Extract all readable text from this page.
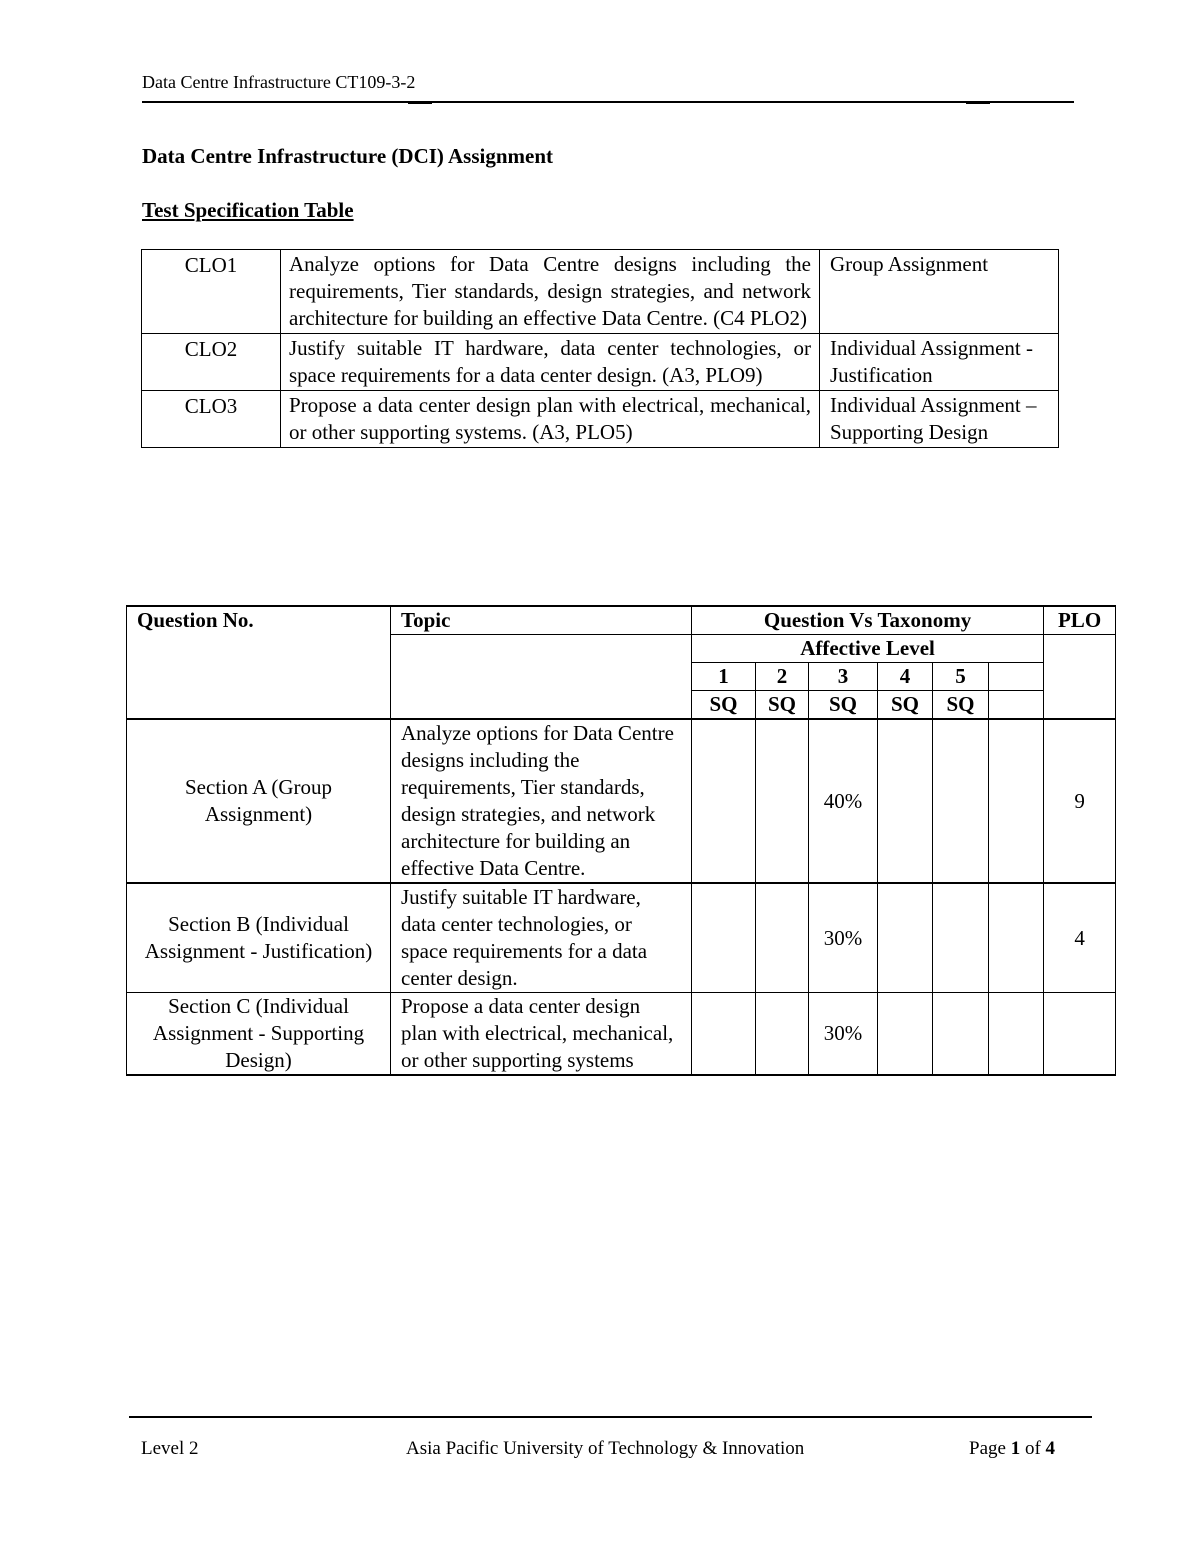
Data Centre Infrastructure CT109-3-2
Data Centre Infrastructure (DCI) Assignment
Test Specification Table
CLO1	Analyze options for Data Centre designs including the requirements, Tier standards, design strategies, and network architecture for building an effective Data Centre. (C4 PLO2)	Group Assignment
CLO2	Justify suitable IT hardware, data center technologies, or space requirements for a data center design. (A3, PLO9)	Individual Assignment - Justification
CLO3	Propose a data center design plan with electrical, mechanical, or other supporting systems. (A3, PLO5)	Individual Assignment – Supporting Design
Question No.	Topic	Question Vs Taxonomy						PLO
		Affective Level						
		1	2	3	4	5		
		SQ	SQ	SQ	SQ	SQ		
Section A (Group Assignment)	Analyze options for Data Centre designs including the requirements, Tier standards, design strategies, and network architecture for building an effective Data Centre.			40%				9
Section B (Individual Assignment - Justification)	Justify suitable IT hardware, data center technologies, or space requirements for a data center design.			30%				4
Section C (Individual Assignment - Supporting Design)	Propose a data center design plan with electrical, mechanical, or other supporting systems			30%				
Level 2	Asia Pacific University of Technology & Innovation	Page 1 of 4
